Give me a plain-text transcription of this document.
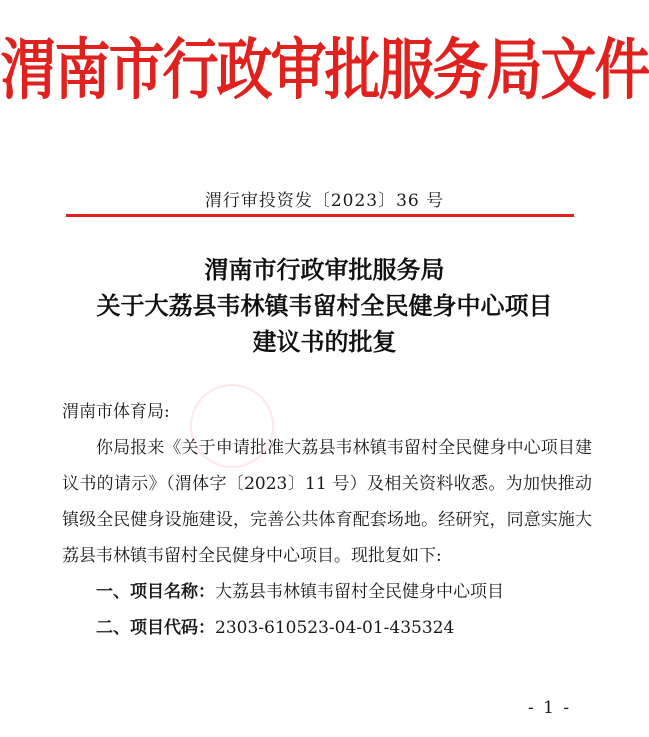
渭南市行政审批服务局文件
渭行审投资发〔2023〕36 号
渭南市行政审批服务局
关于大荔县韦林镇韦留村全民健身中心项目
建议书的批复
渭南市体育局:

你局报来《关于申请批准大荔县韦林镇韦留村全民健身中心项目建议书的请示》（渭体字〔2023〕11 号）及相关资料收悉。为加快推动镇级全民健身设施建设，完善公共体育配套场地。经研究，同意实施大荔县韦林镇韦留村全民健身中心项目。现批复如下:

一、项目名称：大荔县韦林镇韦留村全民健身中心项目
二、项目代码：2303-610523-04-01-435324
- 1 -
